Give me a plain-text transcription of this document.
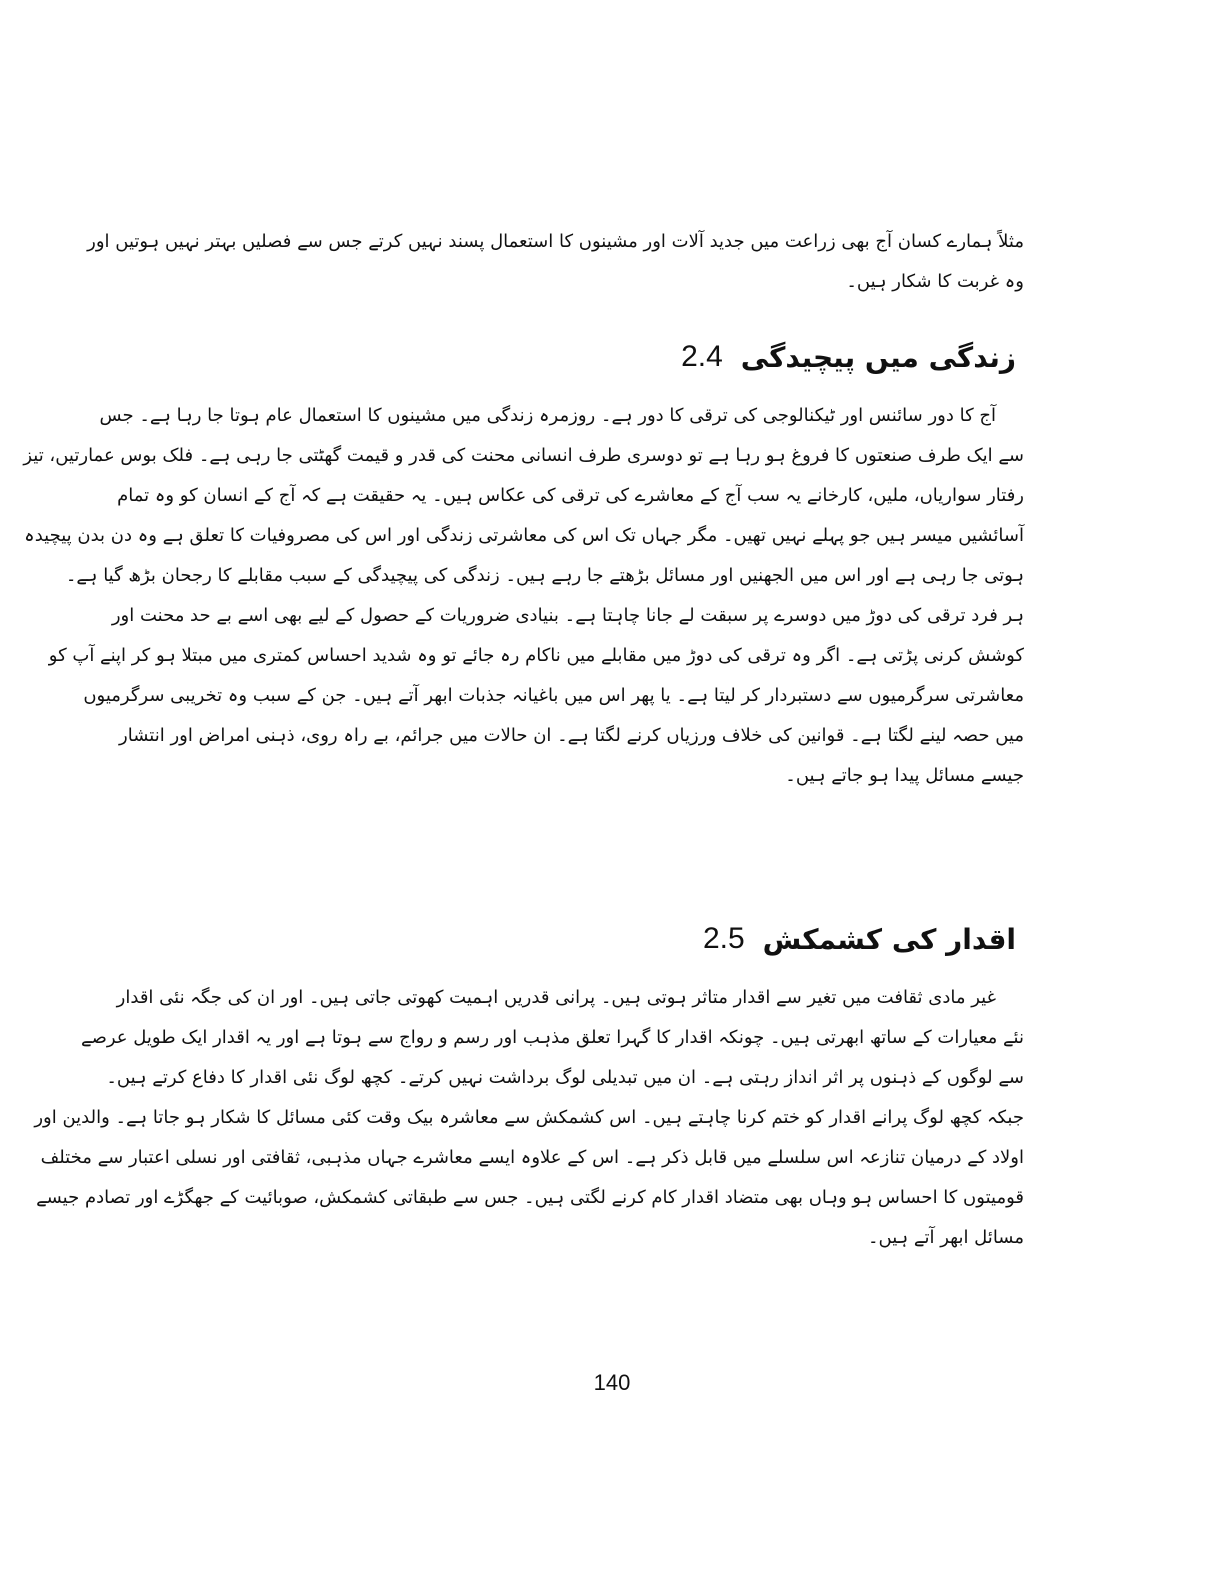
مثلاً ہمارے کسان آج بھی زراعت میں جدید آلات اور مشینوں کا استعمال پسند نہیں کرتے جس سے فصلیں بہتر نہیں ہوتیں اور
وہ غربت کا شکار ہیں۔
2.4 زندگی میں پیچیدگی
آج کا دور سائنس اور ٹیکنالوجی کی ترقی کا دور ہے۔ روزمرہ زندگی میں مشینوں کا استعمال عام ہوتا جا رہا ہے۔ جس
سے ایک طرف صنعتوں کا فروغ ہو رہا ہے تو دوسری طرف انسانی محنت کی قدر و قیمت گھٹتی جا رہی ہے۔ فلک بوس عمارتیں، تیز
رفتار سواریاں، ملیں، کارخانے یہ سب آج کے معاشرے کی ترقی کی عکاس ہیں۔ یہ حقیقت ہے کہ آج کے انسان کو وہ تمام
آسائشیں میسر ہیں جو پہلے نہیں تھیں۔ مگر جہاں تک اس کی معاشرتی زندگی اور اس کی مصروفیات کا تعلق ہے وہ دن بدن پیچیدہ
ہوتی جا رہی ہے اور اس میں الجھنیں اور مسائل بڑھتے جا رہے ہیں۔ زندگی کی پیچیدگی کے سبب مقابلے کا رجحان بڑھ گیا ہے۔
ہر فرد ترقی کی دوڑ میں دوسرے پر سبقت لے جانا چاہتا ہے۔ بنیادی ضروریات کے حصول کے لیے بھی اسے بے حد محنت اور
کوشش کرنی پڑتی ہے۔ اگر وہ ترقی کی دوڑ میں مقابلے میں ناکام رہ جائے تو وہ شدید احساس کمتری میں مبتلا ہو کر اپنے آپ کو
معاشرتی سرگرمیوں سے دستبردار کر لیتا ہے۔ یا پھر اس میں باغیانہ جذبات ابھر آتے ہیں۔ جن کے سبب وہ تخریبی سرگرمیوں
میں حصہ لینے لگتا ہے۔ قوانین کی خلاف ورزیاں کرنے لگتا ہے۔ ان حالات میں جرائم، بے راہ روی، ذہنی امراض اور انتشار
جیسے مسائل پیدا ہو جاتے ہیں۔
2.5 اقدار کی کشمکش
غیر مادی ثقافت میں تغیر سے اقدار متاثر ہوتی ہیں۔ پرانی قدریں اہمیت کھوتی جاتی ہیں۔ اور ان کی جگہ نئی اقدار
نئے معیارات کے ساتھ ابھرتی ہیں۔ چونکہ اقدار کا گہرا تعلق مذہب اور رسم و رواج سے ہوتا ہے اور یہ اقدار ایک طویل عرصے
سے لوگوں کے ذہنوں پر اثر انداز رہتی ہے۔ ان میں تبدیلی لوگ برداشت نہیں کرتے۔ کچھ لوگ نئی اقدار کا دفاع کرتے ہیں۔
جبکہ کچھ لوگ پرانے اقدار کو ختم کرنا چاہتے ہیں۔ اس کشمکش سے معاشرہ بیک وقت کئی مسائل کا شکار ہو جاتا ہے۔ والدین اور
اولاد کے درمیان تنازعہ اس سلسلے میں قابل ذکر ہے۔ اس کے علاوہ ایسے معاشرے جہاں مذہبی، ثقافتی اور نسلی اعتبار سے مختلف
قومیتوں کا احساس ہو وہاں بھی متضاد اقدار کام کرنے لگتی ہیں۔ جس سے طبقاتی کشمکش، صوبائیت کے جھگڑے اور تصادم جیسے
مسائل ابھر آتے ہیں۔
140
